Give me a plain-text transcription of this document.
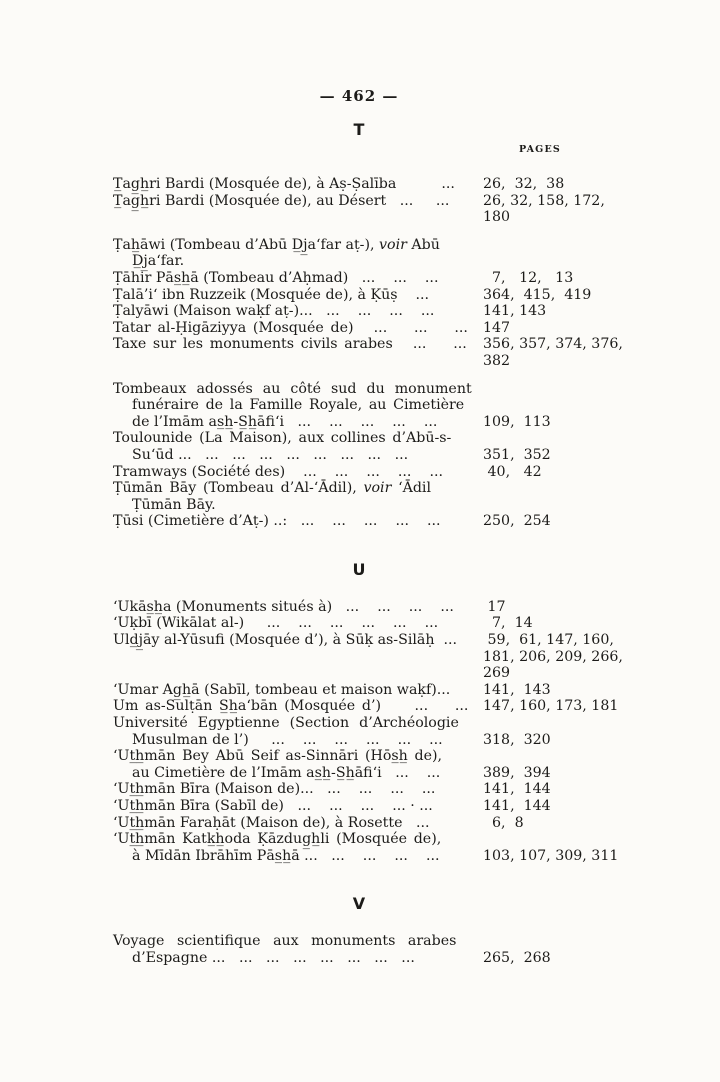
— 462 —
T
PAGES
T̲ag̲h̲ri Bardi (Mosquée de), à Aṣ-Ṣalība          ...	26,  32,  38
T̲ag̲h̲ri Bardi (Mosquée de), au Désert   ...     ...	26, 32, 158, 172,
180
Ṭah̲āwi (Tombeau d’Abū D̲j̲a‘far aṭ-), voir Abū
D̲j̲a‘far.
Ṭāhir Pās̲h̲ā (Tombeau d’Aḥmad)   ...    ...    ...	7,   12,   13
Ṭalā’i‘ ibn Ruzzeik (Mosquée de), à Ḳūṣ    ...	364,  415,  419
Ṭalyāwi (Maison waḳf aṭ-)...   ...    ...    ...    ...	141, 143
Tatar al-Ḥigāziyya (Mosquée de)   ...    ...    ...	147
Taxe sur les monuments civils arabes   ...    ...	356, 357, 374, 376,
382
Tombeaux adossés au côté sud du monument
funéraire de la Famille Royale, au Cimetière
de l’Imām as̲h̲-S̲h̲āfi‘i   ...    ...    ...    ...    ...	109,  113
Toulounide (La Maison), aux collines d’Abū-s-
Su‘ūd ...   ...   ...   ...   ...   ...   ...   ...   ...	351,  352
Tramways (Société des)    ...    ...    ...    ...    ...	40,   42
Ṭūmān Bāy (Tombeau d’Al-‘Ādil), voir ‘Ādil
Ṭūmān Bāy.
Ṭūsi (Cimetière d’Aṭ-) ..:   ...    ...    ...    ...    ...	250,  254
U
‘Ukās̲h̲a (Monuments situés à)   ...    ...    ...    ...	17
‘Uḳbī (Wikālat al-)     ...    ...    ...    ...    ...    ...	7,  14
Uld̲j̲āy al-Yūsufi (Mosquée d’), à Sūḳ as-Silāḥ  ...	59,  61, 147, 160,
181, 206, 209, 266,
269
‘Umar Ag̲h̲ā (Sabīl, tombeau et maison waḳf)...	141,  143
Um as-Sulṭān S̲h̲a‘bān (Mosquée d’)     ...    ...	147, 160, 173, 181
Université Egyptienne (Section d’Archéologie
Musulman de l’)     ...    ...    ...    ...    ...    ...	318,  320
‘Ut̲h̲mān Bey Abū Seif as-Sinnāri (Hōs̲h̲ de),
au Cimetière de l’Imām as̲h̲-S̲h̲āfi‘i   ...    ...	389,  394
‘Ut̲h̲mān Bīra (Maison de)...   ...    ...    ...    ...	141,  144
‘Ut̲h̲mān Bīra (Sabīl de)   ...    ...    ...    ... · ...	141,  144
‘Ut̲h̲mān Faraḥāt (Maison de), à Rosette   ...	6,  8
‘Ut̲h̲mān Katk̲h̲oda Ḳāzdug̲h̲li (Mosquée de),
à Mīdān Ibrāhīm Pās̲h̲ā ...   ...    ...    ...    ...	103, 107, 309, 311
V
Voyage scientifique aux monuments arabes
d’Espagne ...   ...   ...   ...   ...   ...   ...   ...	265,  268
